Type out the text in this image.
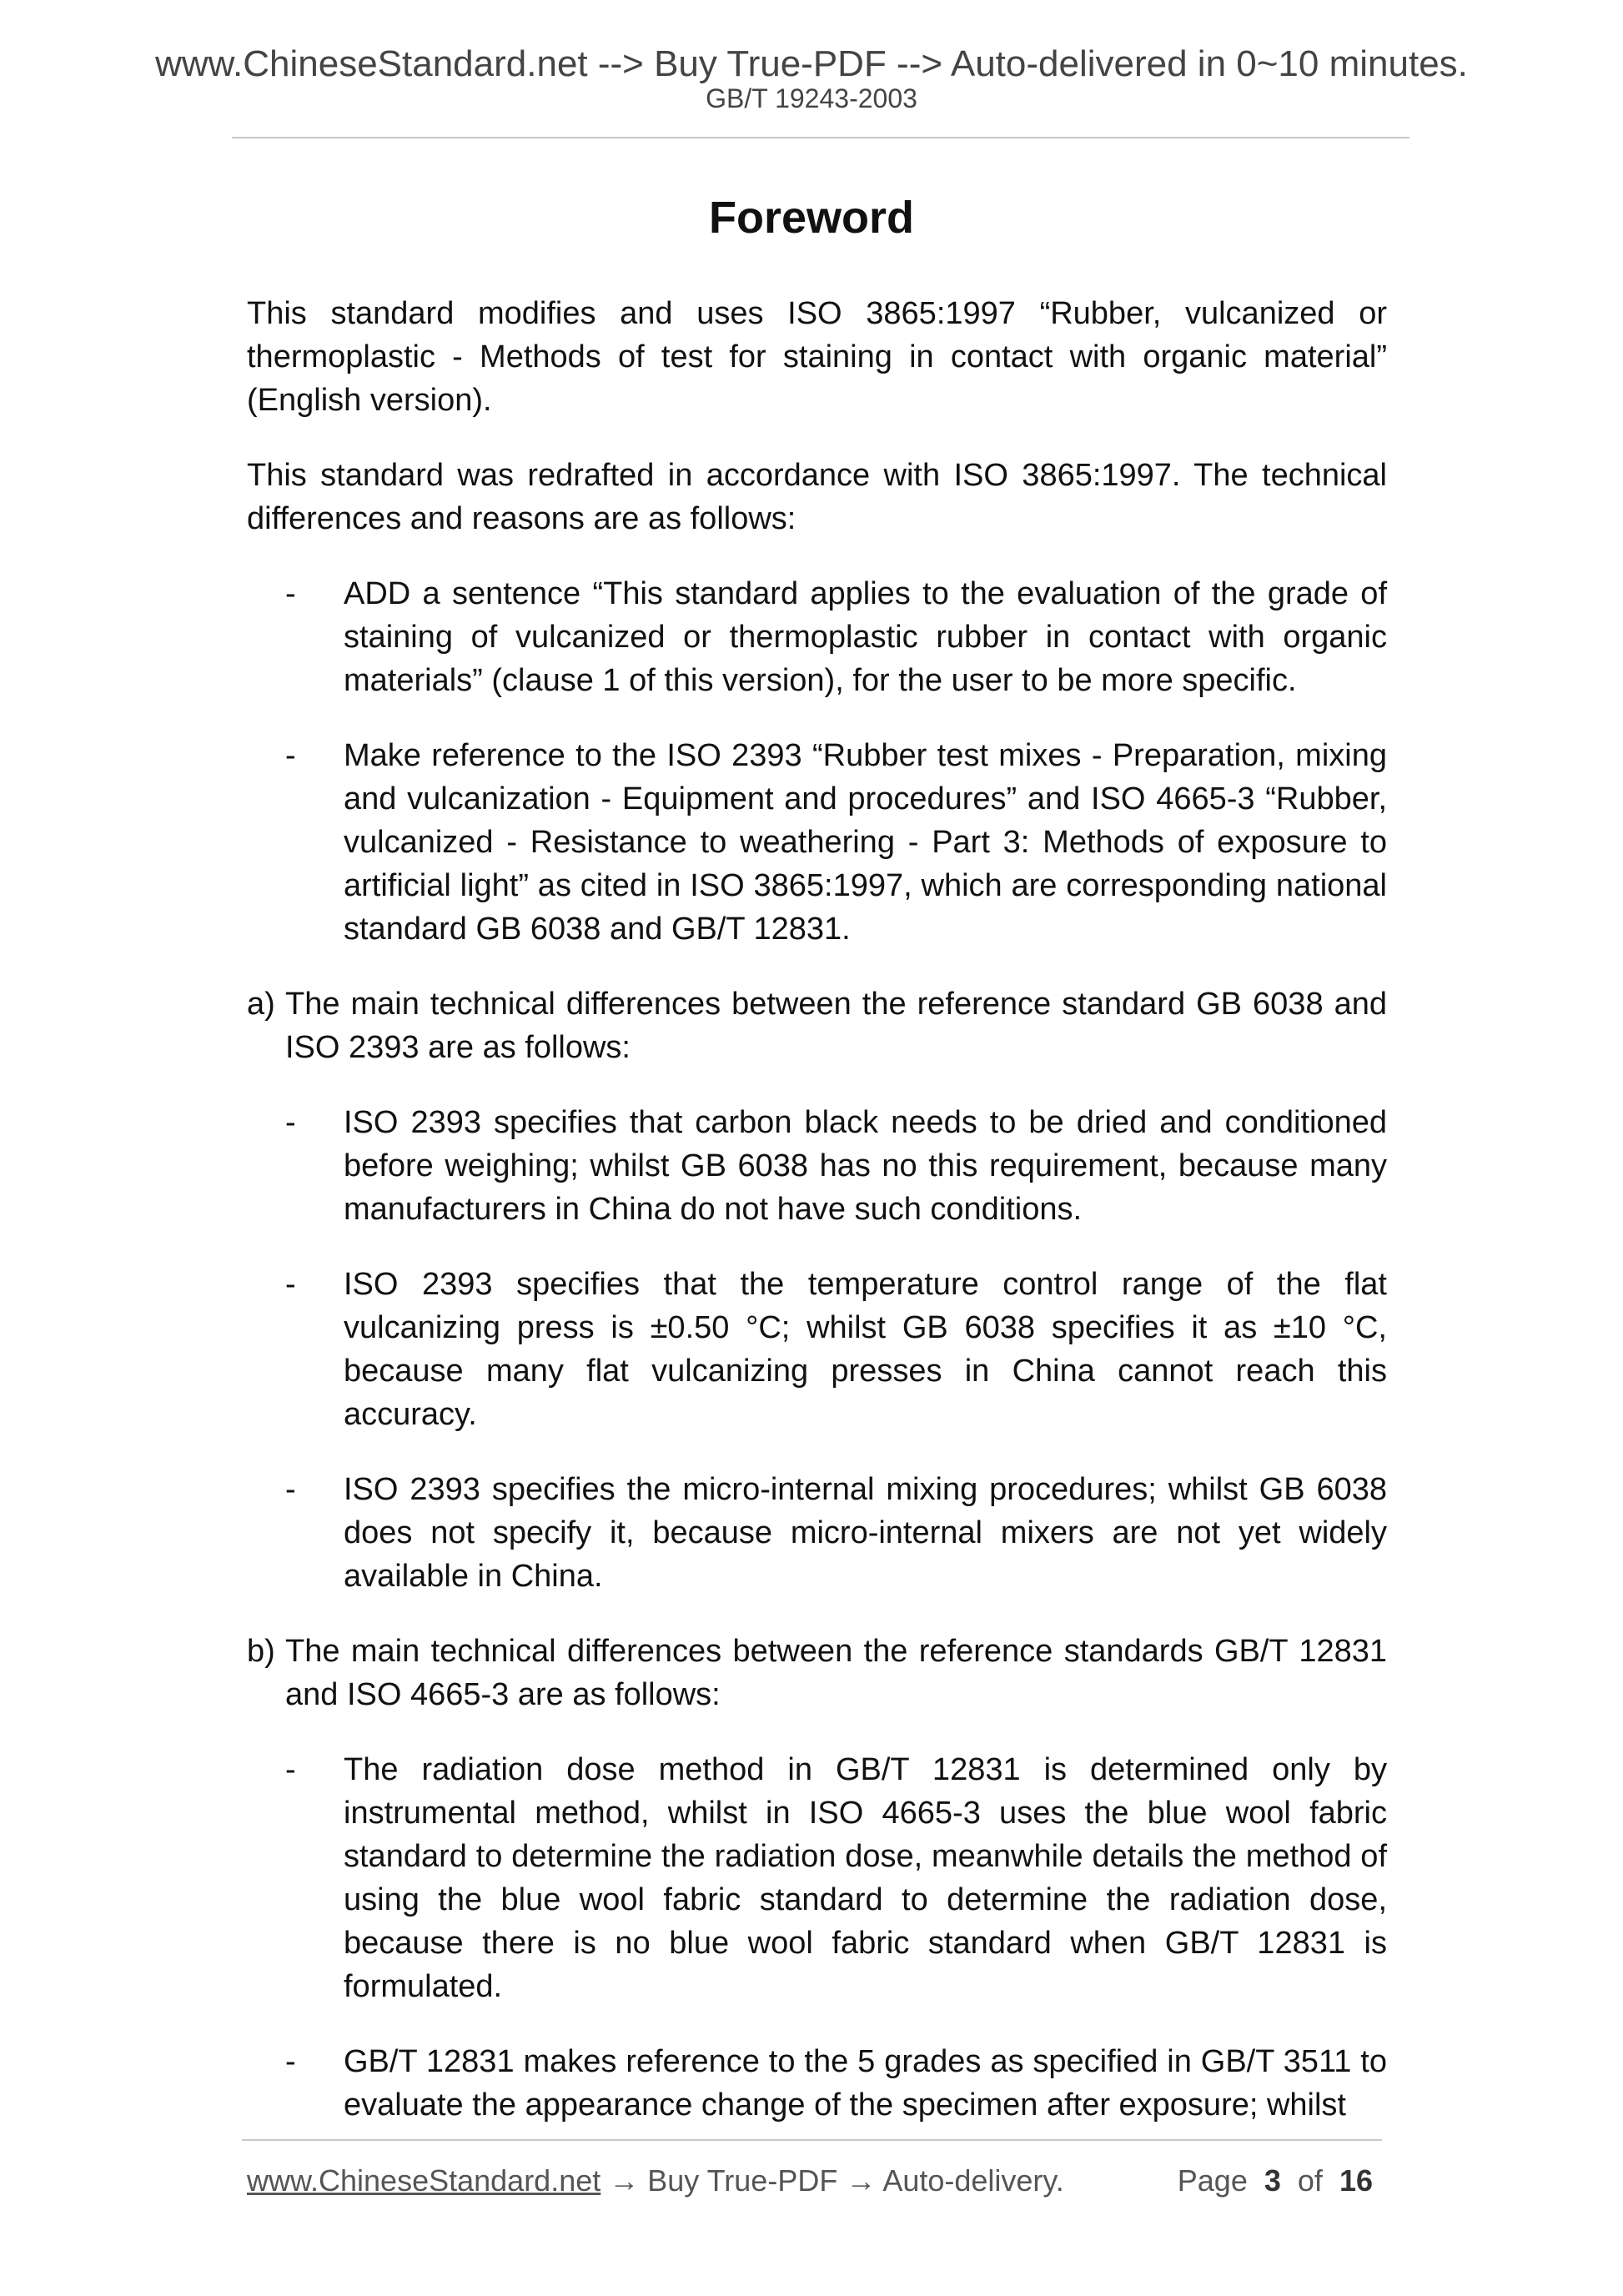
www.ChineseStandard.net --> Buy True-PDF --> Auto-delivered in 0~10 minutes.
GB/T 19243-2003
Foreword

This standard modifies and uses ISO 3865:1997 “Rubber, vulcanized or thermoplastic - Methods of test for staining in contact with organic material” (English version).

This standard was redrafted in accordance with ISO 3865:1997. The technical differences and reasons are as follows:

- ADD a sentence “This standard applies to the evaluation of the grade of staining of vulcanized or thermoplastic rubber in contact with organic materials” (clause 1 of this version), for the user to be more specific.
- Make reference to the ISO 2393 “Rubber test mixes - Preparation, mixing and vulcanization - Equipment and procedures” and ISO 4665-3 “Rubber, vulcanized - Resistance to weathering - Part 3: Methods of exposure to artificial light” as cited in ISO 3865:1997, which are corresponding national standard GB 6038 and GB/T 12831.
a) The main technical differences between the reference standard GB 6038 and ISO 2393 are as follows:
- ISO 2393 specifies that carbon black needs to be dried and conditioned before weighing; whilst GB 6038 has no this requirement, because many manufacturers in China do not have such conditions.
- ISO 2393 specifies that the temperature control range of the flat vulcanizing press is ±0.50 °C; whilst GB 6038 specifies it as ±10 °C, because many flat vulcanizing presses in China cannot reach this accuracy.
- ISO 2393 specifies the micro-internal mixing procedures; whilst GB 6038 does not specify it, because micro-internal mixers are not yet widely available in China.
b) The main technical differences between the reference standards GB/T 12831 and ISO 4665-3 are as follows:
- The radiation dose method in GB/T 12831 is determined only by instrumental method, whilst in ISO 4665-3 uses the blue wool fabric standard to determine the radiation dose, meanwhile details the method of using the blue wool fabric standard to determine the radiation dose, because there is no blue wool fabric standard when GB/T 12831 is formulated.
- GB/T 12831 makes reference to the 5 grades as specified in GB/T 3511 to evaluate the appearance change of the specimen after exposure; whilst
www.ChineseStandard.net → Buy True-PDF → Auto-delivery.	Page 3 of 16
